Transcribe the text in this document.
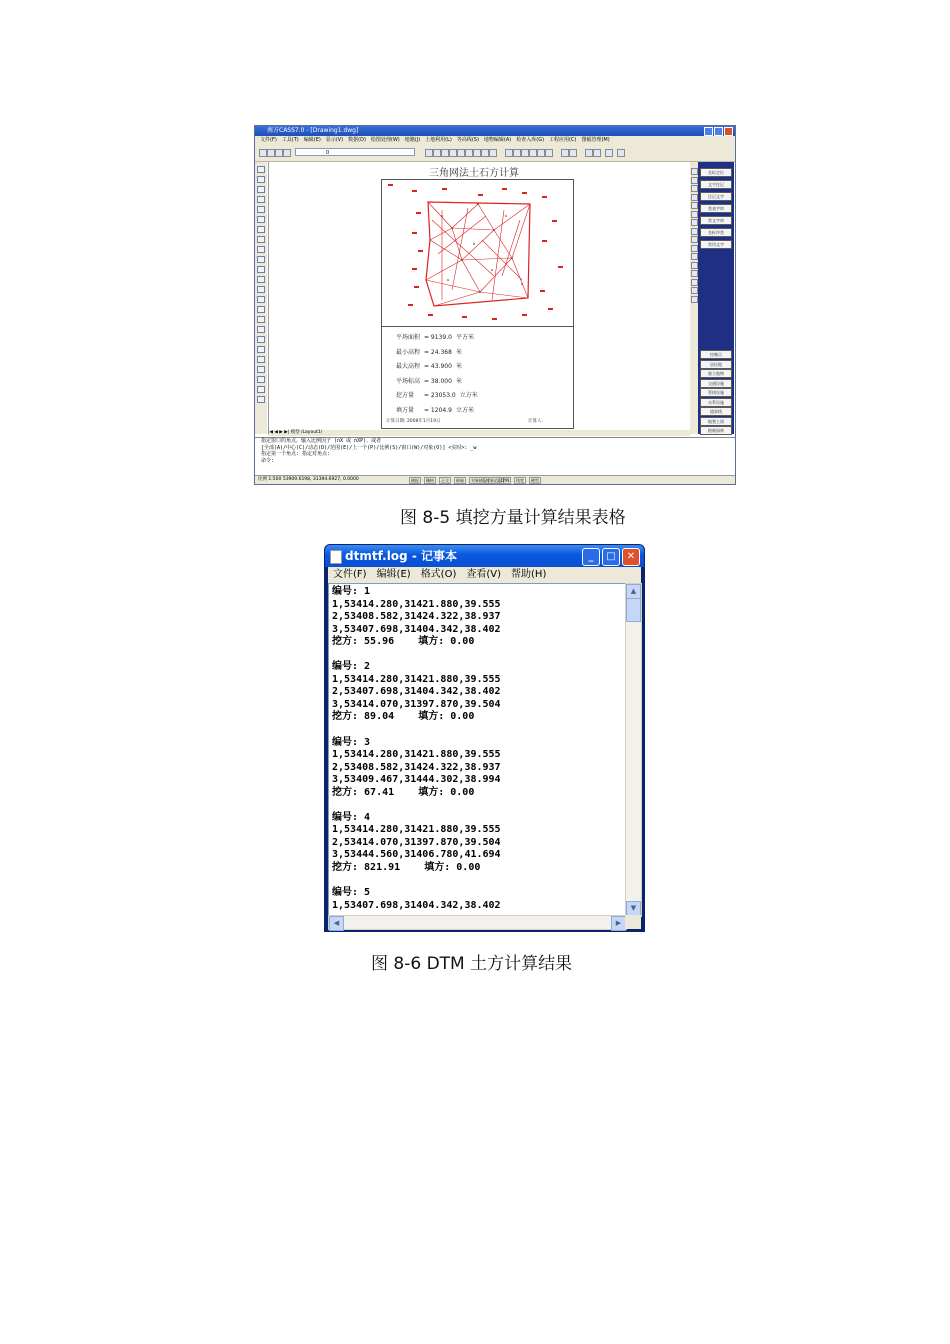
南方CASS7.0 - [Drawing1.dwg]
文件(F) 工具(T) 编辑(E) 显示(V) 数据(D) 绘图处理(W) 地籍(J) 土地利用(L) 等高线(S) 地物编辑(A) 检查入库(G) 工程应用(C) 图幅管理(M)
0
三角网法土石方计算
平场面积 = 9139.0 平方米
最小高程 = 24.368 米
最大高程 = 43.900 米
平场标高 = 38.000 米
挖方量 = 23053.0 立方米
填方量 = 1204.9 立方米
计算日期: 2008年1月19日	计算人:
坐标定位
文字注记
注记文字
类表字串
常文字串
坐标序类
常用文字
控制点
居民地
独立地物
交通设施
管线设施
水系设施
境界线
地貌土质
植被园林
|◀ ◀ ▶ ▶| 模型 /Layout1/
指定窗口的角点，输入比例因子 (nX 或 nXP)，或者
[全部(A)/中心(C)/动态(D)/范围(E)/上一个(P)/比例(S)/窗口(W)/对象(O)] <实时>: _w
指定第一个角点: 指定对角点:
命令:
比例 1:500 53909.6198, 31394.6927, 0.0000	捕捉	栅格	正交	极轴	对象捕捉 对象追踪 DYN	线宽	模型
图 8-5 填挖方量计算结果表格
dtmtf.log - 记事本	_	□	✕
文件(F) 编辑(E) 格式(O) 查看(V) 帮助(H)
编号: 1
1,53414.280,31421.880,39.555
2,53408.582,31424.322,38.937
3,53407.698,31404.342,38.402
挖方: 55.96    填方: 0.00

编号: 2
1,53414.280,31421.880,39.555
2,53407.698,31404.342,38.402
3,53414.070,31397.870,39.504
挖方: 89.04    填方: 0.00

编号: 3
1,53414.280,31421.880,39.555
2,53408.582,31424.322,38.937
3,53409.467,31444.302,38.994
挖方: 67.41    填方: 0.00

编号: 4
1,53414.280,31421.880,39.555
2,53414.070,31397.870,39.504
3,53444.560,31406.780,41.694
挖方: 821.91    填方: 0.00

编号: 5
1,53407.698,31404.342,38.402
▲
▼
◀	▶
图 8-6 DTM 土方计算结果
